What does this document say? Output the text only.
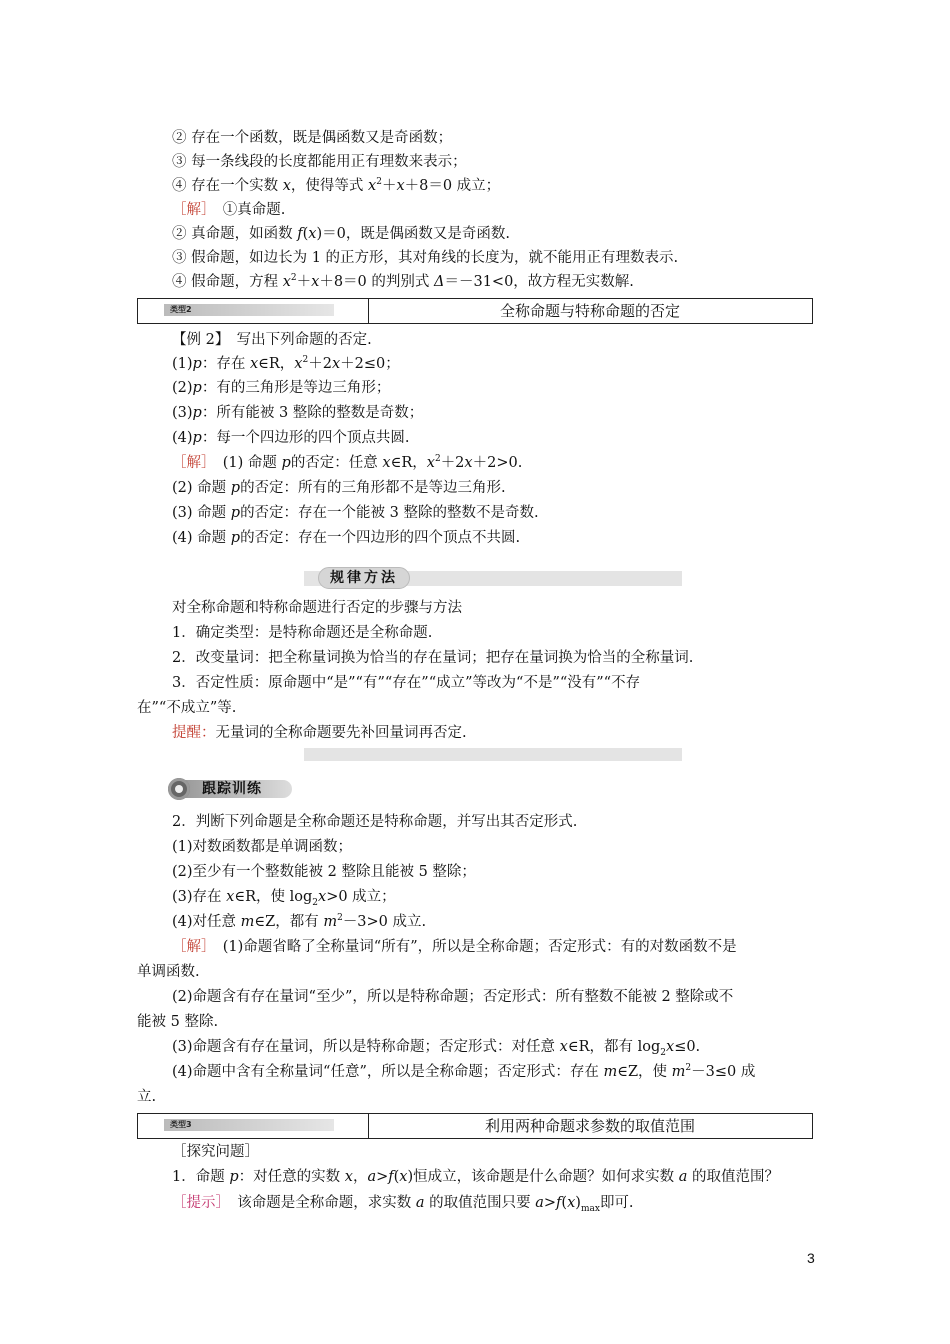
② 存在一个函数，既是偶函数又是奇函数；
③ 每一条线段的长度都能用正有理数来表示；
④ 存在一个实数 x，使得等式 $x^2+x+8=0$ 成立；
［解］　①真命题.
② 真命题，如函数 f(x)＝0，既是偶函数又是奇函数.
③ 假命题，如边长为 1 的正方形，其对角线的长度为，就不能用正有理数表示.
④ 假命题，方程 $x^2+x+8=0$ 的判别式 Δ＝－31<0，故方程无实数解.
类型2	全称命题与特称命题的否定
【例 2】　写出下列命题的否定.
(1)p：存在 x∈R，$x^2+2x+2\le 0$；
(2)p：有的三角形是等边三角形；
(3)p：所有能被 3 整除的整数是奇数；
(4)p：每一个四边形的四个顶点共圆.
［解］　(1) 命题 p的否定：任意 x∈R，$x^2+2x+2>0$.
(2) 命题 p的否定：所有的三角形都不是等边三角形.
(3) 命题 p的否定：存在一个能被 3 整除的整数不是奇数.
(4) 命题 p的否定：存在一个四边形的四个顶点不共圆.
规律方法
对全称命题和特称命题进行否定的步骤与方法
1．确定类型：是特称命题还是全称命题.
2．改变量词：把全称量词换为恰当的存在量词；把存在量词换为恰当的全称量词.
3．否定性质：原命题中“是”“有”“存在”“成立”等改为“不是”“没有”“不存
在”“不成立”等.
提醒：无量词的全称命题要先补回量词再否定.
跟踪训练
2．判断下列命题是全称命题还是特称命题，并写出其否定形式.
(1)对数函数都是单调函数；
(2)至少有一个整数能被 2 整除且能被 5 整除；
(3)存在 x∈R，使 $\log_2x>0$ 成立；
(4)对任意 m∈Z，都有 $m^2-3>0$ 成立.
［解］　(1)命题省略了全称量词“所有”，所以是全称命题；否定形式：有的对数函数不是
单调函数.
(2)命题含有存在量词“至少”，所以是特称命题；否定形式：所有整数不能被 2 整除或不
能被 5 整除.
(3)命题含有存在量词，所以是特称命题；否定形式：对任意 x∈R，都有 $\log_2x\le 0$.
(4)命题中含有全称量词“任意”，所以是全称命题；否定形式：存在 m∈Z，使 $m^2-3\le 0$ 成
立.
类型3	利用两种命题求参数的取值范围
［探究问题］
1．命题 p：对任意的实数 x，a>f(x)恒成立，该命题是什么命题？如何求实数 a 的取值范围？
［提示］　该命题是全称命题，求实数 a 的取值范围只要 $a>f(x)_{max}$即可.
3
